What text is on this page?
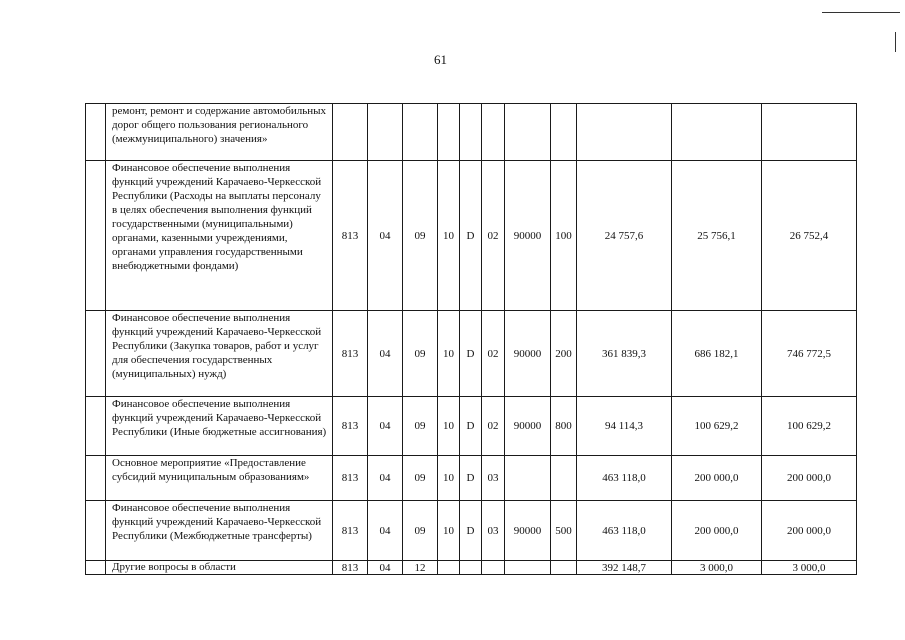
61
	ремонт, ремонт и содержание автомобильных дорог общего пользования регионального (межмуниципального) значения»											
	Финансовое обеспечение выполнения функций учреждений Карачаево-Черкесской Республики (Расходы на выплаты персоналу в целях обеспечения выполнения функций государственными (муниципальными) органами, казенными учреждениями, органами управления государственными внебюджетными фондами)	813	04	09	10	D	02	90000	100	24 757,6	25 756,1	26 752,4
	Финансовое обеспечение выполнения функций учреждений Карачаево-Черкесской Республики (Закупка товаров, работ и услуг для обеспечения государственных (муниципальных) нужд)	813	04	09	10	D	02	90000	200	361 839,3	686 182,1	746 772,5
	Финансовое обеспечение выполнения функций учреждений Карачаево-Черкесской Республики (Иные бюджетные ассигнования)	813	04	09	10	D	02	90000	800	94 114,3	100 629,2	100 629,2
	Основное мероприятие «Предоставление субсидий муниципальным образованиям»	813	04	09	10	D	03			463 118,0	200 000,0	200 000,0
	Финансовое обеспечение выполнения функций учреждений Карачаево-Черкесской Республики (Межбюджетные трансферты)	813	04	09	10	D	03	90000	500	463 118,0	200 000,0	200 000,0
	Другие вопросы в области	813	04	12						392 148,7	3 000,0	3 000,0
